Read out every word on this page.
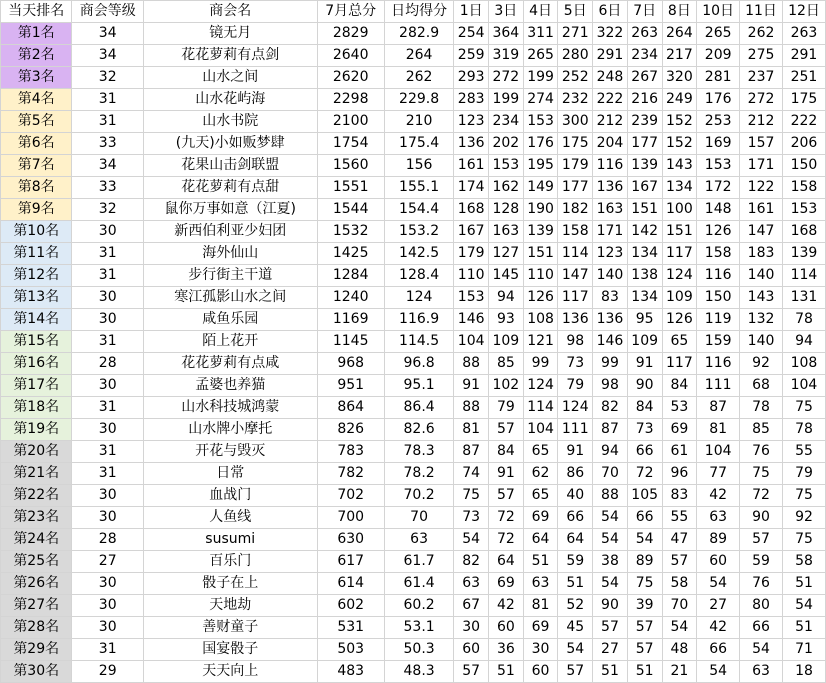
当天排名	商会等级	商会名	7月总分	日均得分	1日	3日	4日	5日	6日	7日	8日	10日	11日	12日
第1名	34	镜无月	2829	282.9	254	364	311	271	322	263	264	265	262	263
第2名	34	花花萝莉有点剑	2640	264	259	319	265	280	291	234	217	209	275	291
第3名	32	山水之间	2620	262	293	272	199	252	248	267	320	281	237	251
第4名	31	山水花屿海	2298	229.8	283	199	274	232	222	216	249	176	272	175
第5名	31	山水书院	2100	210	123	234	153	300	212	239	152	253	212	222
第6名	33	(九天)小如贩梦肆	1754	175.4	136	202	176	175	204	177	152	169	157	206
第7名	34	花果山击剑联盟	1560	156	161	153	195	179	116	139	143	153	171	150
第8名	33	花花萝莉有点甜	1551	155.1	174	162	149	177	136	167	134	172	122	158
第9名	32	鼠你万事如意（江夏)	1544	154.4	168	128	190	182	163	151	100	148	161	153
第10名	30	新西伯利亚少妇团	1532	153.2	167	163	139	158	171	142	151	126	147	168
第11名	31	海外仙山	1425	142.5	179	127	151	114	123	134	117	158	183	139
第12名	31	步行街主干道	1284	128.4	110	145	110	147	140	138	124	116	140	114
第13名	30	寒江孤影山水之间	1240	124	153	94	126	117	83	134	109	150	143	131
第14名	30	咸鱼乐园	1169	116.9	146	93	108	136	136	95	126	119	132	78
第15名	31	陌上花开	1145	114.5	104	109	121	98	146	109	65	159	140	94
第16名	28	花花萝莉有点咸	968	96.8	88	85	99	73	99	91	117	116	92	108
第17名	30	孟婆也养猫	951	95.1	91	102	124	79	98	90	84	111	68	104
第18名	31	山水科技城鸿蒙	864	86.4	88	79	114	124	82	84	53	87	78	75
第19名	30	山水牌小摩托	826	82.6	81	57	104	111	87	73	69	81	85	78
第20名	31	开花与毁灭	783	78.3	87	84	65	91	94	66	61	104	76	55
第21名	31	日常	782	78.2	74	91	62	86	70	72	96	77	75	79
第22名	30	血战门	702	70.2	75	57	65	40	88	105	83	42	72	75
第23名	30	人鱼线	700	70	73	72	69	66	54	66	55	63	90	92
第24名	28	susumi	630	63	54	72	64	64	54	54	47	89	57	75
第25名	27	百乐门	617	61.7	82	64	51	59	38	89	57	60	59	58
第26名	30	骰子在上	614	61.4	63	69	63	51	54	75	58	54	76	51
第27名	30	天地劫	602	60.2	67	42	81	52	90	39	70	27	80	54
第28名	30	善财童子	531	53.1	30	60	69	45	57	57	54	42	66	51
第29名	31	国宴骰子	503	50.3	60	36	30	54	27	57	48	66	54	71
第30名	29	天天向上	483	48.3	57	51	60	57	51	51	21	54	63	18
